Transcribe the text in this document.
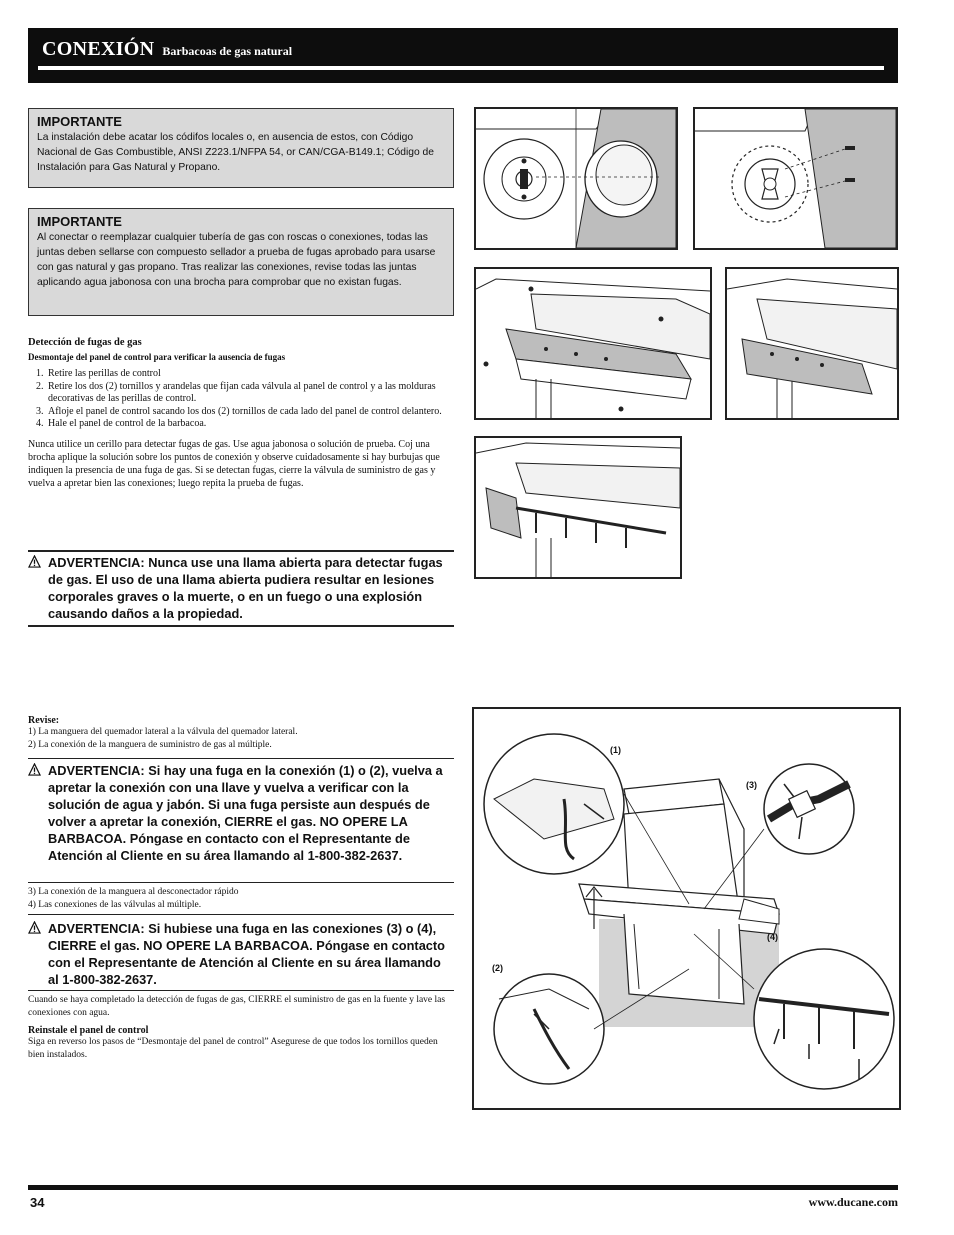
CONEXIÓN Barbacoas de gas natural
IMPORTANTE

La instalación debe acatar los códifos locales o, en ausencia de estos, con Código Nacional de Gas Combustible, ANSI Z223.1/NFPA 54, or CAN/CGA-B149.1; Código de Instalación para Gas Natural y Propano.

IMPORTANTE

Al conectar o reemplazar cualquier tubería de gas con roscas o conexiones, todas las juntas deben sellarse con compuesto sellador a prueba de fugas aprobado para usarse con gas natural y gas propano. Tras realizar las conexiones, revise todas las juntas aplicando agua jabonosa con una brocha para comprobar que no existan fugas.

Detección de fugas de gas
Desmontaje del panel de control para verificar la ausencia de fugas
1. Retire las perillas de control
2. Retire los dos (2) tornillos y arandelas que fijan cada válvula al panel de control y a las molduras decorativas de las perillas de control.
3. Afloje el panel de control sacando los dos (2) tornillos de cada lado del panel de control delantero.
4. Hale el panel de control de la barbacoa.
Nunca utilice un cerillo para detectar fugas de gas. Use agua jabonosa o solución de prueba. Coj una brocha aplique la solución sobre los puntos de conexión y observe cuidadosamente si hay burbujas que indiquen la presencia de una fuga de gas. Si se detectan fugas, cierre la válvula de suministro de gas y vuelva a apretar bien las conexiones; luego repita la prueba de fugas.
ADVERTENCIA: Nunca use una llama abierta para detectar fugas de gas. El uso de una llama abierta pudiera resultar en lesiones corporales graves o la muerte, o en un fuego o una explosión causando daños a la propiedad.
Revise:
1) La manguera del quemador lateral a la válvula del quemador lateral.
2) La conexión de la manguera de suministro de gas al múltiple.
ADVERTENCIA: Si hay una fuga en la conexión (1) o (2), vuelva a apretar la conexión con una llave y vuelva a verificar con la solución de agua y jabón. Si una fuga persiste aun después de volver a apretar la conexión, CIERRE el gas. NO OPERE LA BARBACOA. Póngase en contacto con el Representante de Atención al Cliente en su área llamando al 1-800-382-2637.
3) La conexión de la manguera al desconectador rápido
4) Las conexiones de las válvulas al múltiple.
ADVERTENCIA: Si hubiese una fuga en las conexiones (3) o (4), CIERRE el gas. NO OPERE LA BARBACOA. Póngase en contacto con el Representante de Atención al Cliente en su área llamando al 1-800-382-2637.
Cuando se haya completado la detección de fugas de gas, CIERRE el suministro de gas en la fuente y lave las conexiones con agua.
Reinstale el panel de control
Siga en reverso los pasos de “Desmontaje del panel de control” Asegurese de que todos los tornillos queden bien instalados.
(1)
(3)
(4)
(2)
34	www.ducane.com
